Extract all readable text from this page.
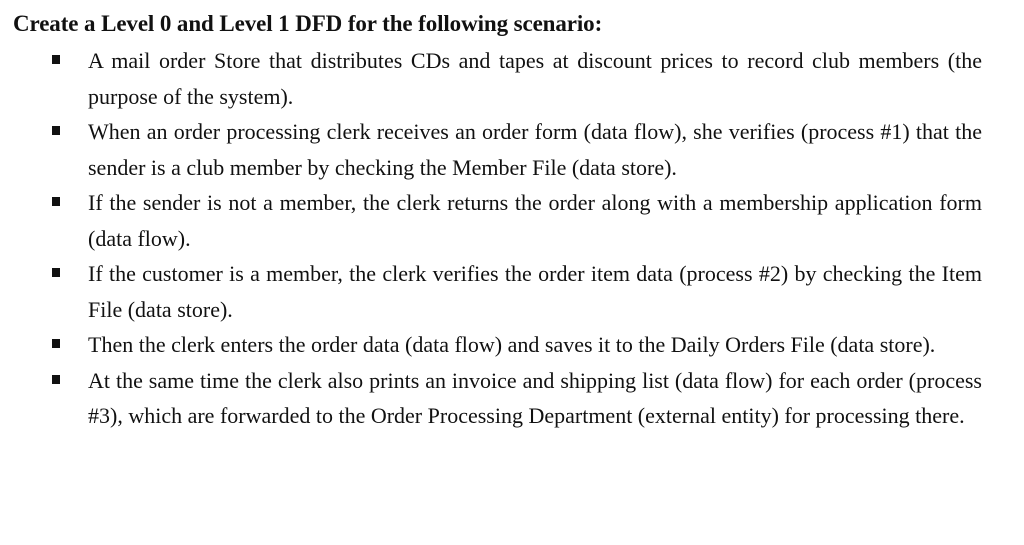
Create a Level 0 and Level 1 DFD for the following scenario:
A mail order Store that distributes CDs and tapes at discount prices to record club members (the purpose of the system).
When an order processing clerk receives an order form (data flow), she verifies (process #1) that the sender is a club member by checking the Member File (data store).
If the sender is not a member, the clerk returns the order along with a membership application form (data flow).
If the customer is a member, the clerk verifies the order item data (process #2) by checking the Item File (data store).
Then the clerk enters the order data (data flow) and saves it to the Daily Orders File (data store).
At the same time the clerk also prints an invoice and shipping list (data flow) for each order (process #3), which are forwarded to the Order Processing Department (external entity) for processing there.
